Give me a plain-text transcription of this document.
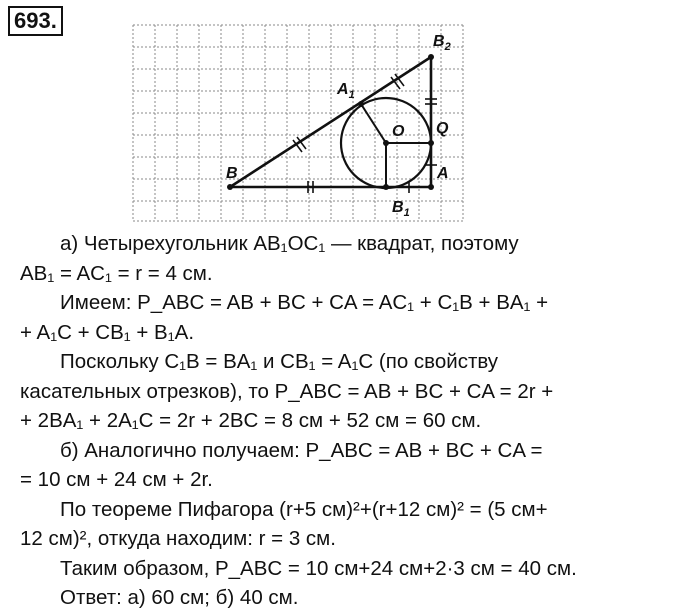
693.
B
$B_2$
$A_1$
O Q
A
$B_1$

а) Четырехугольник AB₁OC₁ — квадрат, поэтому

AB₁ = AC₁ = r = 4 см.

Имеем: P_ABC = AB + BC + CA = AC₁ + C₁B + BA₁ +

+ A₁C + CB₁ + B₁A.

Поскольку C₁B = BA₁ и CB₁ = A₁C (по свойству

касательных отрезков), то P_ABC = AB + BC + CA = 2r +

+ 2BA₁ + 2A₁C = 2r + 2BC = 8 см + 52 см = 60 см.

б) Аналогично получаем: P_ABC = AB + BC + CA =

= 10 см + 24 см + 2r.

По теореме Пифагора (r+5 см)²+(r+12 см)² = (5 см+

12 см)², откуда находим: r = 3 см.

Таким образом, P_ABC = 10 см+24 см+2·3 см = 40 см.

Ответ: а) 60 см; б) 40 см.
